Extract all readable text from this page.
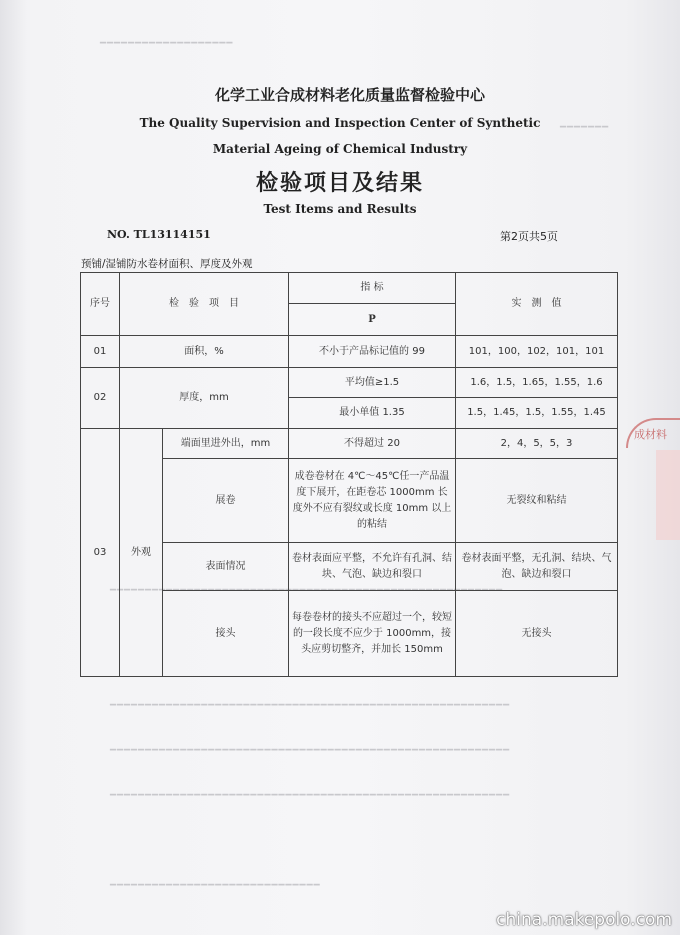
━━━━━━━━━━━━━━━━━━━
━━━━━━━
━━━━━━━━━━━━━━━━━━━━━━━━━━━━━━━━━━━━━━━━━━━━━━━━━━━━━━━━
━━━━━━━━━━━━━━━━━━━━━━━━━━━━━━━━━━━━━━━━━━━━━━━━━━━━━━━━━
━━━━━━━━━━━━━━━━━━━━━━━━━━━━━━━━━━━━━━━━━━━━━━━━━━━━━━━━━
━━━━━━━━━━━━━━━━━━━━━━━━━━━━━━━━━━━━━━━━━━━━━━━━━━━━━━━━━
━━━━━━━━━━━━━━━━━━━━━━━━━━━━━━
化学工业合成材料老化质量监督检验中心
The Quality Supervision and Inspection Center of Synthetic
Material Ageing of Chemical Industry
检验项目及结果
Test Items and Results
NO. TL13114151	第2页共5页
预铺/湿铺防水卷材面积、厚度及外观
序号	检　验　项　目		指 标	实　测　值
			P	
01	面积，%		不小于产品标记值的 99	101，100，102，101，101
02	厚度，mm		平均值≥1.5	1.6，1.5，1.65，1.55，1.6
			最小单值 1.35	1.5，1.45，1.5，1.55，1.45
03	外观	端面里进外出，mm	不得超过 20	2，4，5，5，3
		展卷	成卷卷材在 4℃～45℃任一产品温度下展开，在距卷芯 1000mm 长度外不应有裂纹或长度 10mm 以上的粘结	无裂纹和粘结
		表面情况	卷材表面应平整，不允许有孔洞、结块、气泡、缺边和裂口	卷材表面平整，无孔洞、结块、气泡、缺边和裂口
		接头	每卷卷材的接头不应超过一个，较短的一段长度不应少于 1000mm，接头应剪切整齐，并加长 150mm	无接头
成材料
china.makepolo.com
